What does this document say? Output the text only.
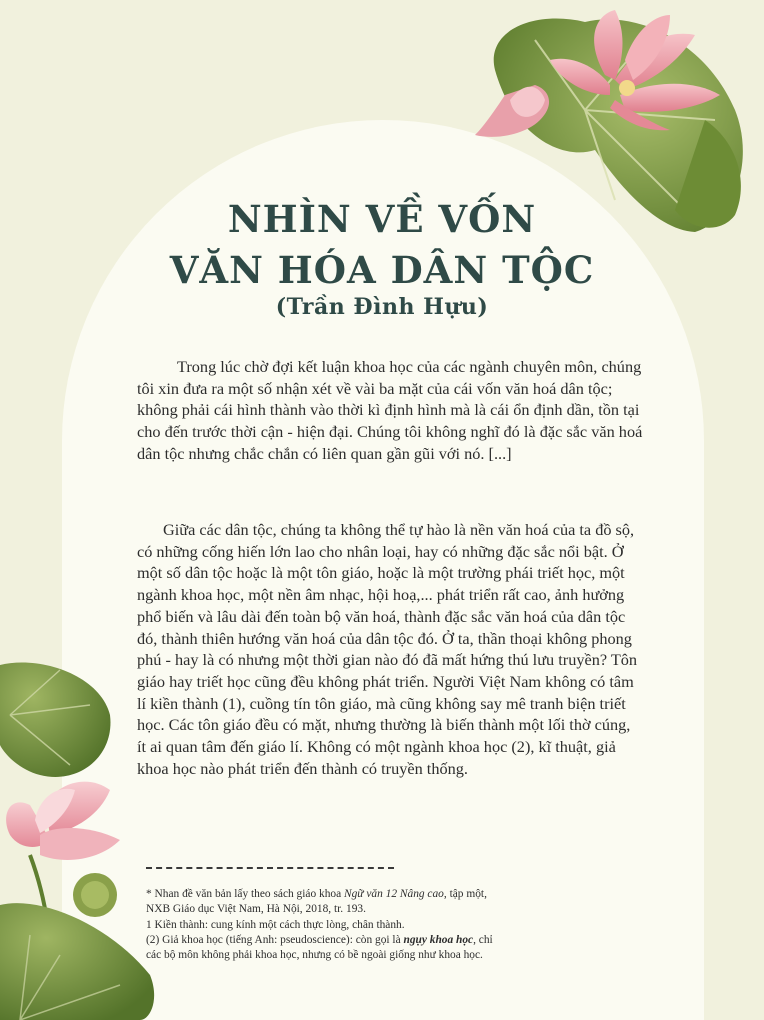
NHÌN VỀ VỐN
VĂN HÓA DÂN TỘC
(Trần Đình Hựu)

Trong lúc chờ đợi kết luận khoa học của các ngành chuyên môn, chúng tôi xin đưa ra một số nhận xét về vài ba mặt của cái vốn văn hoá dân tộc; không phải cái hình thành vào thời kì định hình mà là cái ổn định dần, tồn tại cho đến trước thời cận - hiện đại. Chúng tôi không nghĩ đó là đặc sắc văn hoá dân tộc nhưng chắc chắn có liên quan gần gũi với nó. [...]

Giữa các dân tộc, chúng ta không thể tự hào là nền văn hoá của ta đồ sộ, có những cống hiến lớn lao cho nhân loại, hay có những đặc sắc nổi bật. Ở một số dân tộc hoặc là một tôn giáo, hoặc là một trường phái triết học, một ngành khoa học, một nền âm nhạc, hội hoạ,... phát triển rất cao, ảnh hưởng phổ biến và lâu dài đến toàn bộ văn hoá, thành đặc sắc văn hoá của dân tộc đó, thành thiên hướng văn hoá của dân tộc đó. Ở ta, thần thoại không phong phú - hay là có nhưng một thời gian nào đó đã mất hứng thú lưu truyền? Tôn giáo hay triết học cũng đều không phát triển. Người Việt Nam không có tâm lí kiền thành (1), cuồng tín tôn giáo, mà cũng không say mê tranh biện triết học. Các tôn giáo đều có mặt, nhưng thường là biến thành một lối thờ cúng, ít ai quan tâm đến giáo lí. Không có một ngành khoa học (2), kĩ thuật, giả khoa học nào phát triển đến thành có truyền thống.

* Nhan đề văn bản lấy theo sách giáo khoa Ngữ văn 12 Nâng cao, tập một,

NXB Giáo dục Việt Nam, Hà Nội, 2018, tr. 193.

1 Kiền thành: cung kính một cách thực lòng, chân thành.

(2) Giả khoa học (tiếng Anh: pseudoscience): còn gọi là ngụy khoa học, chỉ

các bộ môn không phải khoa học, nhưng có bề ngoài giống như khoa học.
